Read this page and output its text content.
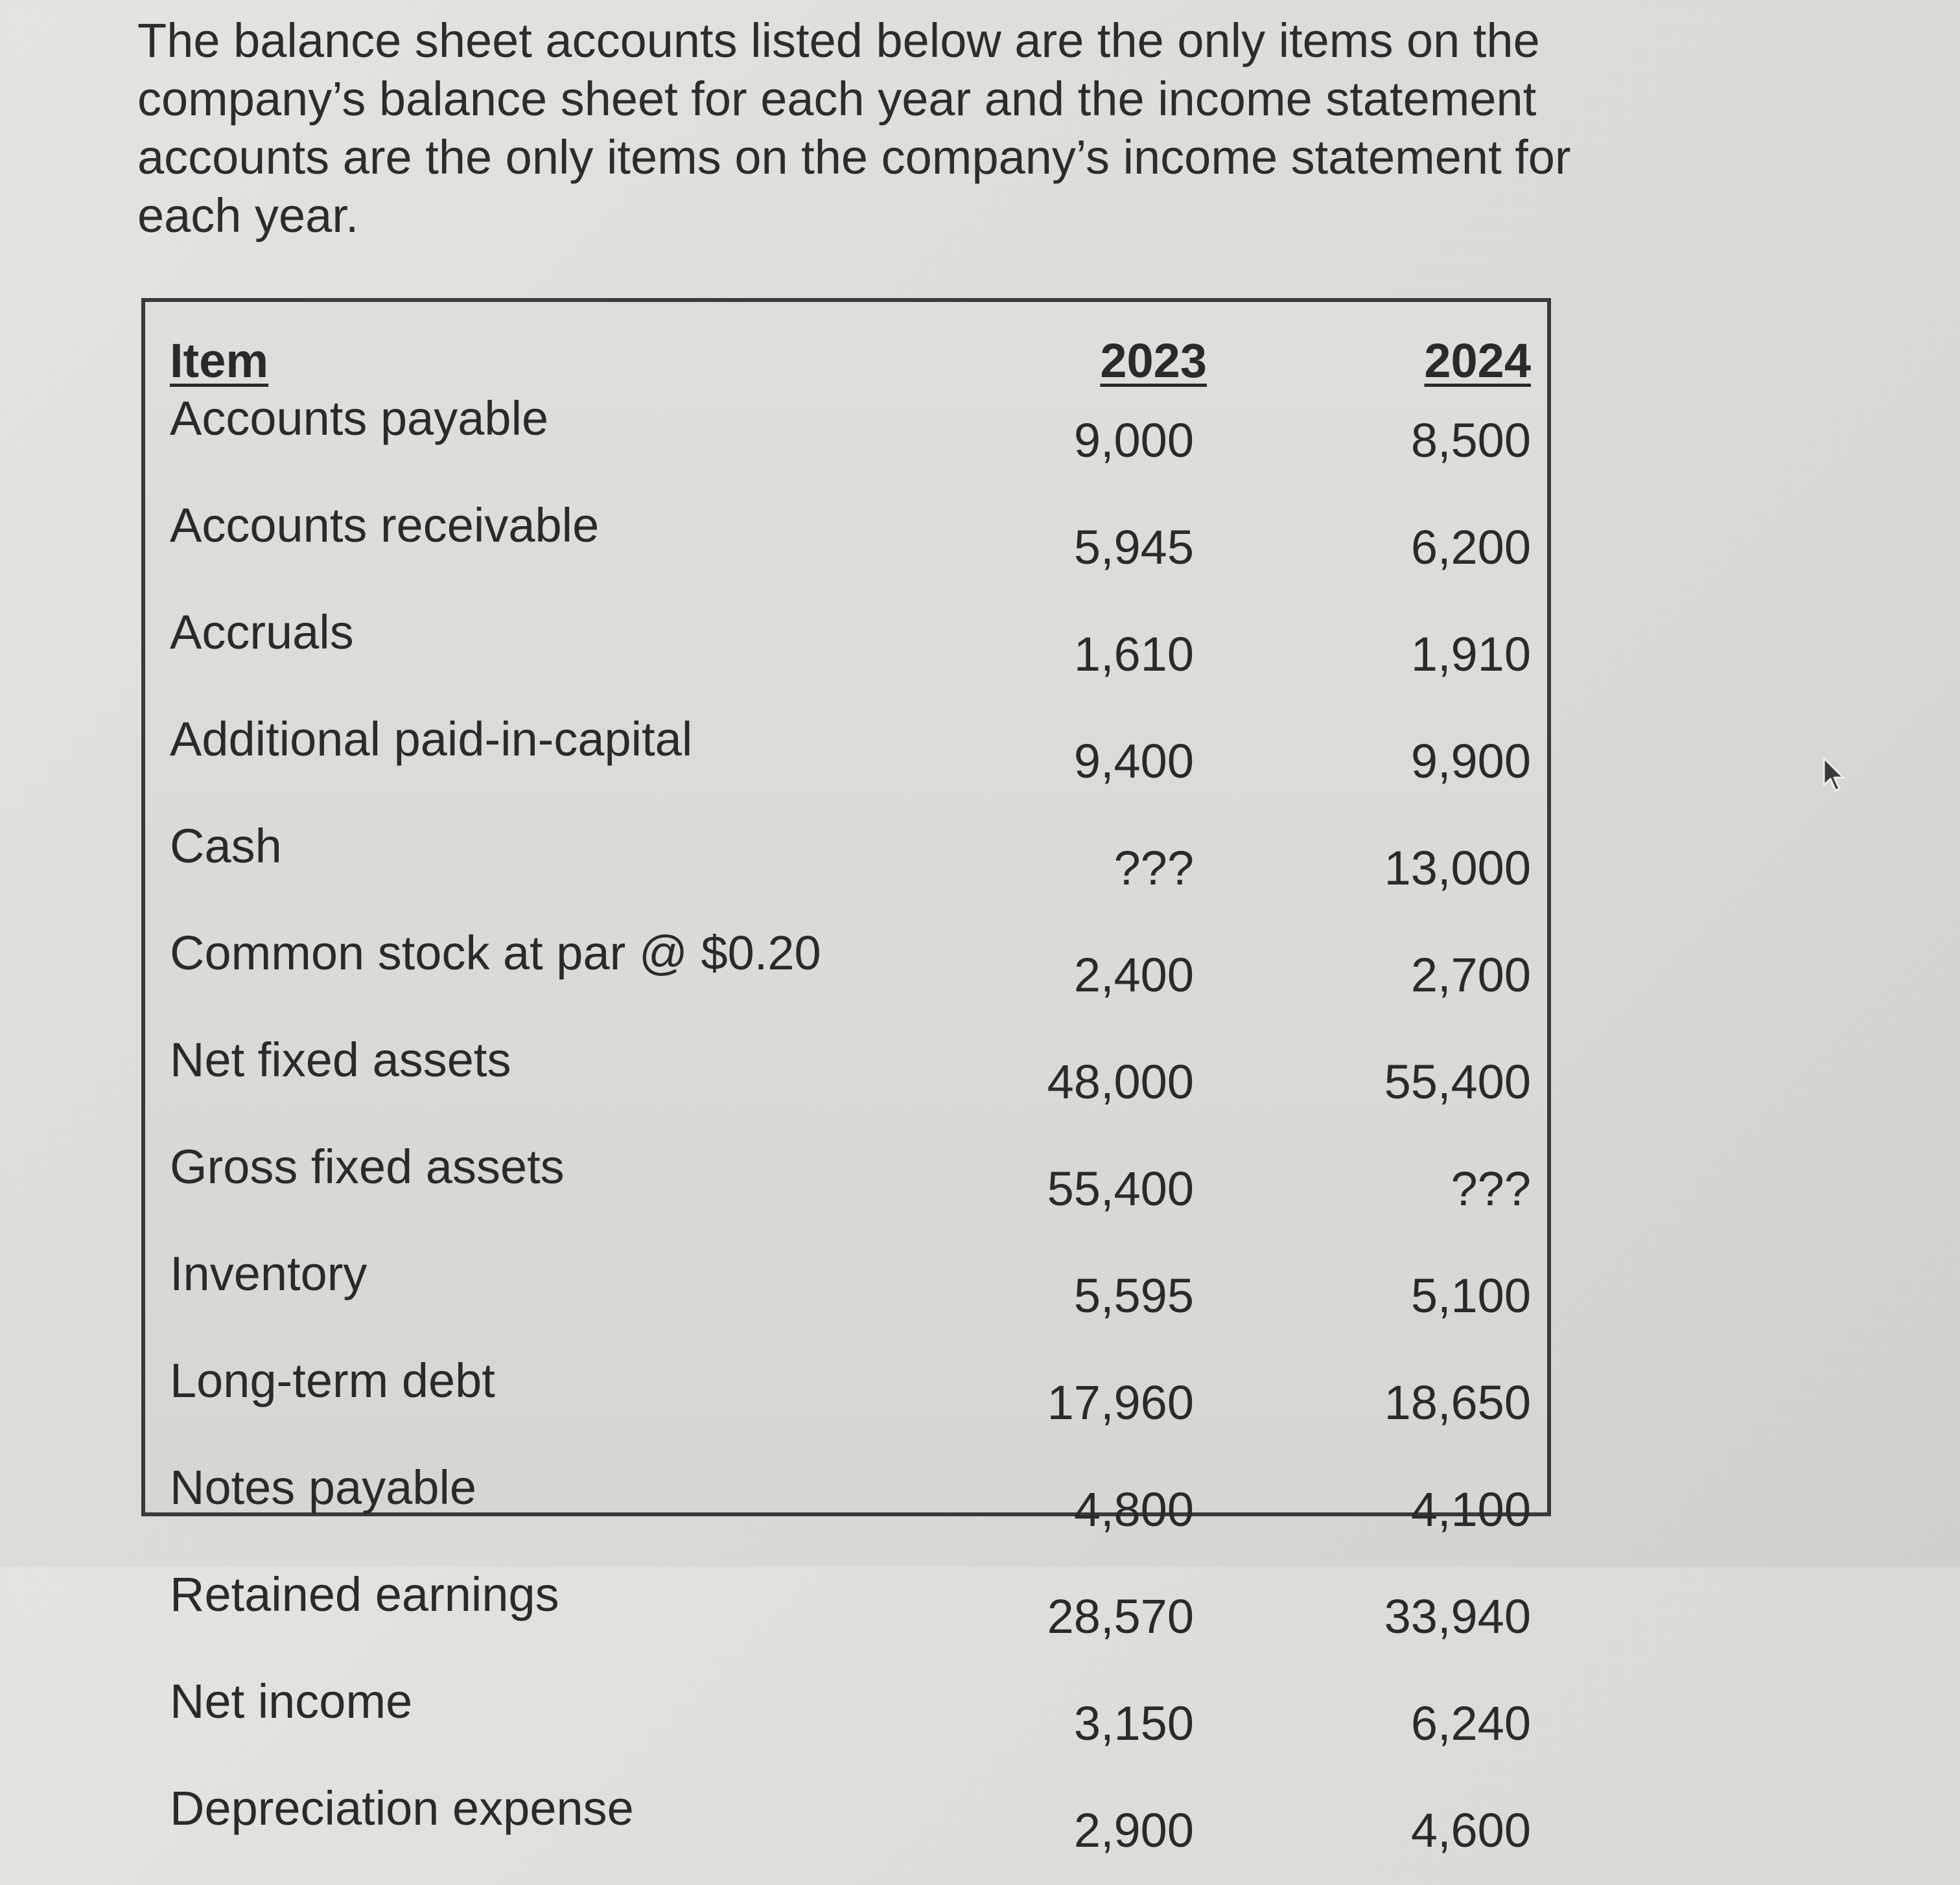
The balance sheet accounts listed below are the only items on the company’s balance sheet for each year and the income statement accounts are the only items on the company’s income statement for each year.

Item	2023	2024
Accounts payable	9,000	8,500
Accounts receivable	5,945	6,200
Accruals	1,610	1,910
Additional paid-in-capital	9,400	9,900
Cash	???	13,000
Common stock at par @ $0.20	2,400	2,700
Net fixed assets	48,000	55,400
Gross fixed assets	55,400	???
Inventory	5,595	5,100
Long-term debt	17,960	18,650
Notes payable	4,800	4,100
Retained earnings	28,570	33,940
Net income	3,150	6,240
Depreciation expense	2,900	4,600
